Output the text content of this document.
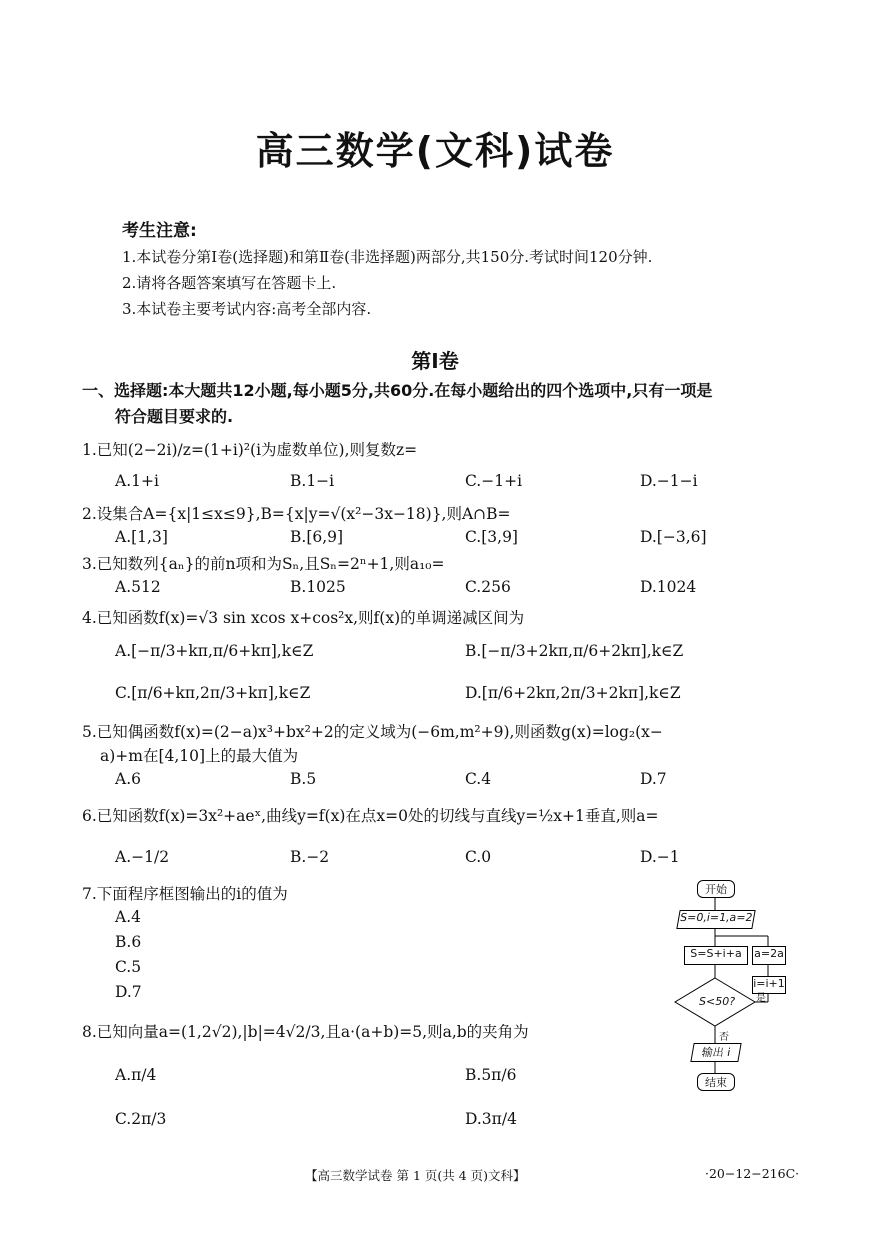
高三数学(文科)试卷
考生注意:
1.本试卷分第Ⅰ卷(选择题)和第Ⅱ卷(非选择题)两部分,共150分.考试时间120分钟.
2.请将各题答案填写在答题卡上.
3.本试卷主要考试内容:高考全部内容.
第Ⅰ卷
一、选择题:本大题共12小题,每小题5分,共60分.在每小题给出的四个选项中,只有一项是
符合题目要求的.
1.已知(2−2i)/z=(1+i)²(i为虚数单位),则复数z=
A.1+i	B.1−i	C.−1+i	D.−1−i
2.设集合A={x|1≤x≤9},B={x|y=√(x²−3x−18)},则A∩B=
A.[1,3]	B.[6,9]	C.[3,9]	D.[−3,6]
3.已知数列{aₙ}的前n项和为Sₙ,且Sₙ=2ⁿ+1,则a₁₀=
A.512	B.1025	C.256	D.1024
4.已知函数f(x)=√3 sin xcos x+cos²x,则f(x)的单调递减区间为
A.[−π/3+kπ,π/6+kπ],k∈Z	B.[−π/3+2kπ,π/6+2kπ],k∈Z
C.[π/6+kπ,2π/3+kπ],k∈Z	D.[π/6+2kπ,2π/3+2kπ],k∈Z
5.已知偶函数f(x)=(2−a)x³+bx²+2的定义域为(−6m,m²+9),则函数g(x)=log₂(x−
a)+m在[4,10]上的最大值为
A.6	B.5	C.4	D.7
6.已知函数f(x)=3x²+aeˣ,曲线y=f(x)在点x=0处的切线与直线y=½x+1垂直,则a=
A.−1/2	B.−2	C.0	D.−1
7.下面程序框图输出的i的值为
A.4
B.6
C.5
D.7
8.已知向量a=(1,2√2),|b|=4√2/3,且a·(a+b)=5,则a,b的夹角为
A.π/4	B.5π/6
C.2π/3	D.3π/4
开始
S=0,i=1,a=2
S=S+i+a	a=2a
i=i+1
S<50? 是
否
输出 i
结束
【高三数学试卷 第 1 页(共 4 页)文科】	·20−12−216C·
